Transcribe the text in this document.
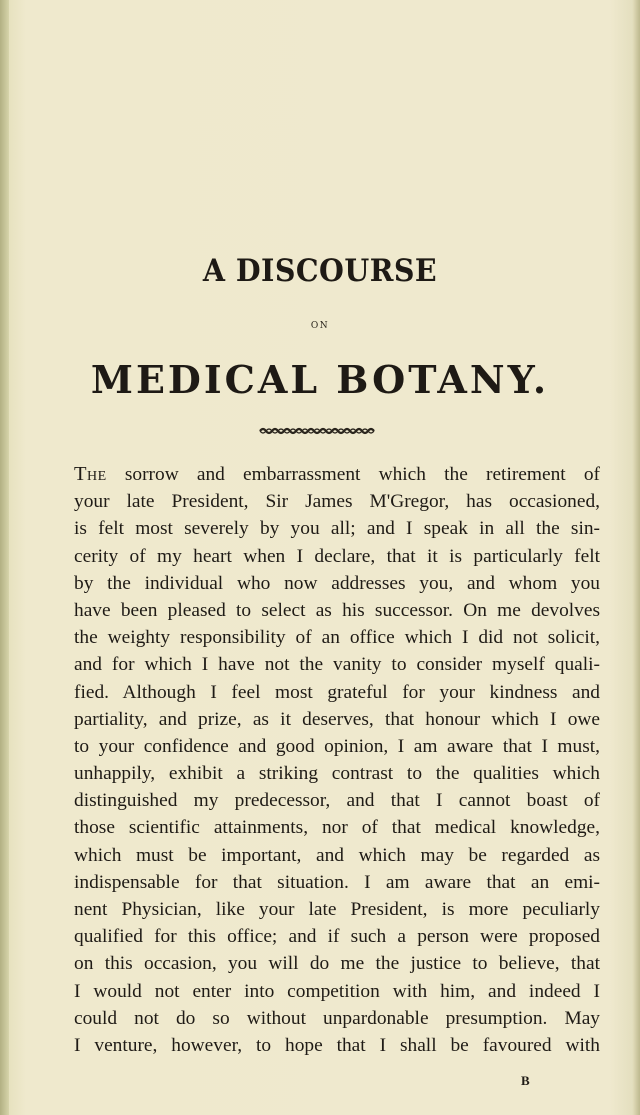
A DISCOURSE
ON
MEDICAL BOTANY.
The sorrow and embarrassment which the retirement of
your late President, Sir James M'Gregor, has occasioned,
is felt most severely by you all; and I speak in all the sin-
cerity of my heart when I declare, that it is particularly felt
by the individual who now addresses you, and whom you
have been pleased to select as his successor. On me devolves
the weighty responsibility of an office which I did not solicit,
and for which I have not the vanity to consider myself quali-
fied. Although I feel most grateful for your kindness and
partiality, and prize, as it deserves, that honour which I owe
to your confidence and good opinion, I am aware that I must,
unhappily, exhibit a striking contrast to the qualities which
distinguished my predecessor, and that I cannot boast of
those scientific attainments, nor of that medical knowledge,
which must be important, and which may be regarded as
indispensable for that situation. I am aware that an emi-
nent Physician, like your late President, is more peculiarly
qualified for this office; and if such a person were proposed
on this occasion, you will do me the justice to believe, that
I would not enter into competition with him, and indeed I
could not do so without unpardonable presumption. May
I venture, however, to hope that I shall be favoured with
B
